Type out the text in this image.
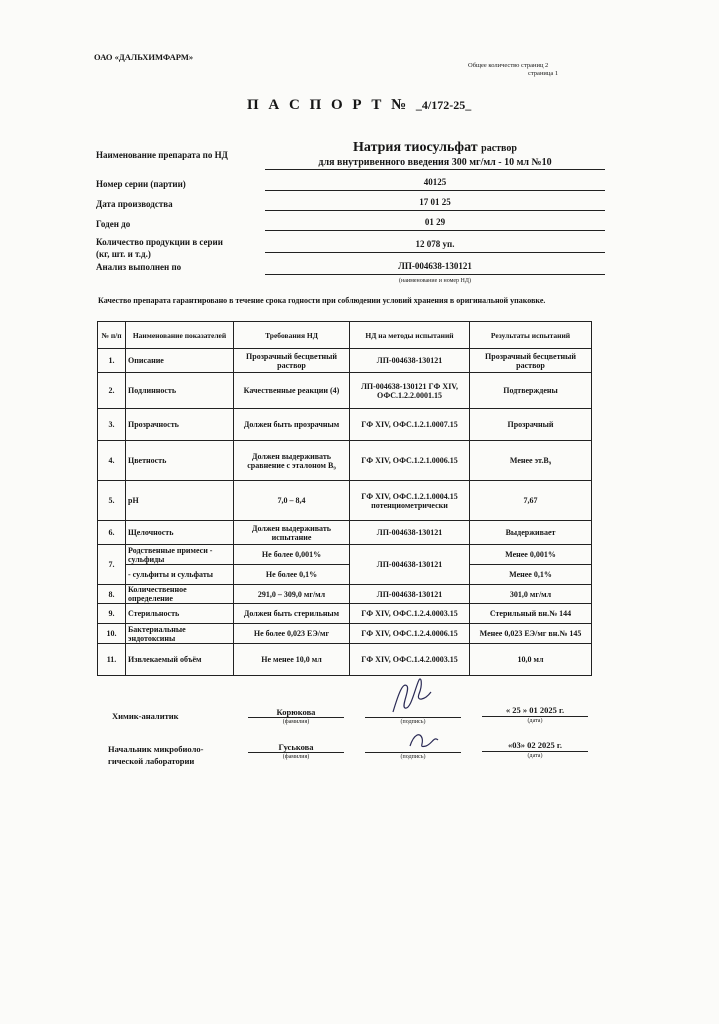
ОАО «ДАЛЬХИМФАРМ»
Общее количество страниц 2
страница 1
П А С П О Р Т № _4/172-25_
Наименование препарата по НД	Натрия тиосульфат раствор
для внутривенного введения 300 мг/мл - 10 мл №10
Номер серии (партии)	40125
Дата производства	17 01 25
Годен до	01 29
Количество продукции в серии
(кг, шт. и т.д.)
12 078 уп.
Анализ выполнен по	ЛП-004638-130121
(наименование и номер НД)
Качество препарата гарантировано в течение срока годности при соблюдении условий хранения в оригинальной упаковке.
№ п/п	Наименование показателей	Требования НД	НД на методы испытаний	Результаты испытаний
1.	Описание	Прозрачный бесцветный раствор	ЛП-004638-130121	Прозрачный бесцветный раствор
2.	Подлинность	Качественные реакции (4)	ЛП-004638-130121 ГФ XIV, ОФС.1.2.2.0001.15	Подтверждены
3.	Прозрачность	Должен быть прозрачным	ГФ XIV, ОФС.1.2.1.0007.15	Прозрачный
4.	Цветность	Должен выдерживать сравнение с эталоном B₉	ГФ XIV, ОФС.1.2.1.0006.15	Менее эт.B₉
5.	pH	7,0 – 8,4	ГФ XIV, ОФС.1.2.1.0004.15 потенциометрически	7,67
6.	Щелочность	Должен выдерживать испытание	ЛП-004638-130121	Выдерживает
7.	Родственные примеси - сульфиды	Не более 0,001%	ЛП-004638-130121	Менее 0,001%
	- сульфиты и сульфаты	Не более 0,1%		Менее 0,1%
8.	Количественное определение	291,0 – 309,0 мг/мл	ЛП-004638-130121	301,0 мг/мл
9.	Стерильность	Должен быть стерильным	ГФ XIV, ОФС.1.2.4.0003.15	Стерильный вн.№ 144
10.	Бактериальные эндотоксины	Не более 0,023 ЕЭ/мг	ГФ XIV, ОФС.1.2.4.0006.15	Менее 0,023 ЕЭ/мг вн.№ 145
11.	Извлекаемый объём	Не менее 10,0 мл	ГФ XIV, ОФС.1.4.2.0003.15	10,0 мл
Химик-аналитик	Корюкова
(фамилия)	(подпись)
« 25 » 01 2025 г.
(дата)
Начальник микробиоло-
гической лаборатории
Гуськова
(фамилия)	(подпись)
«03» 02 2025 г.
(дата)
